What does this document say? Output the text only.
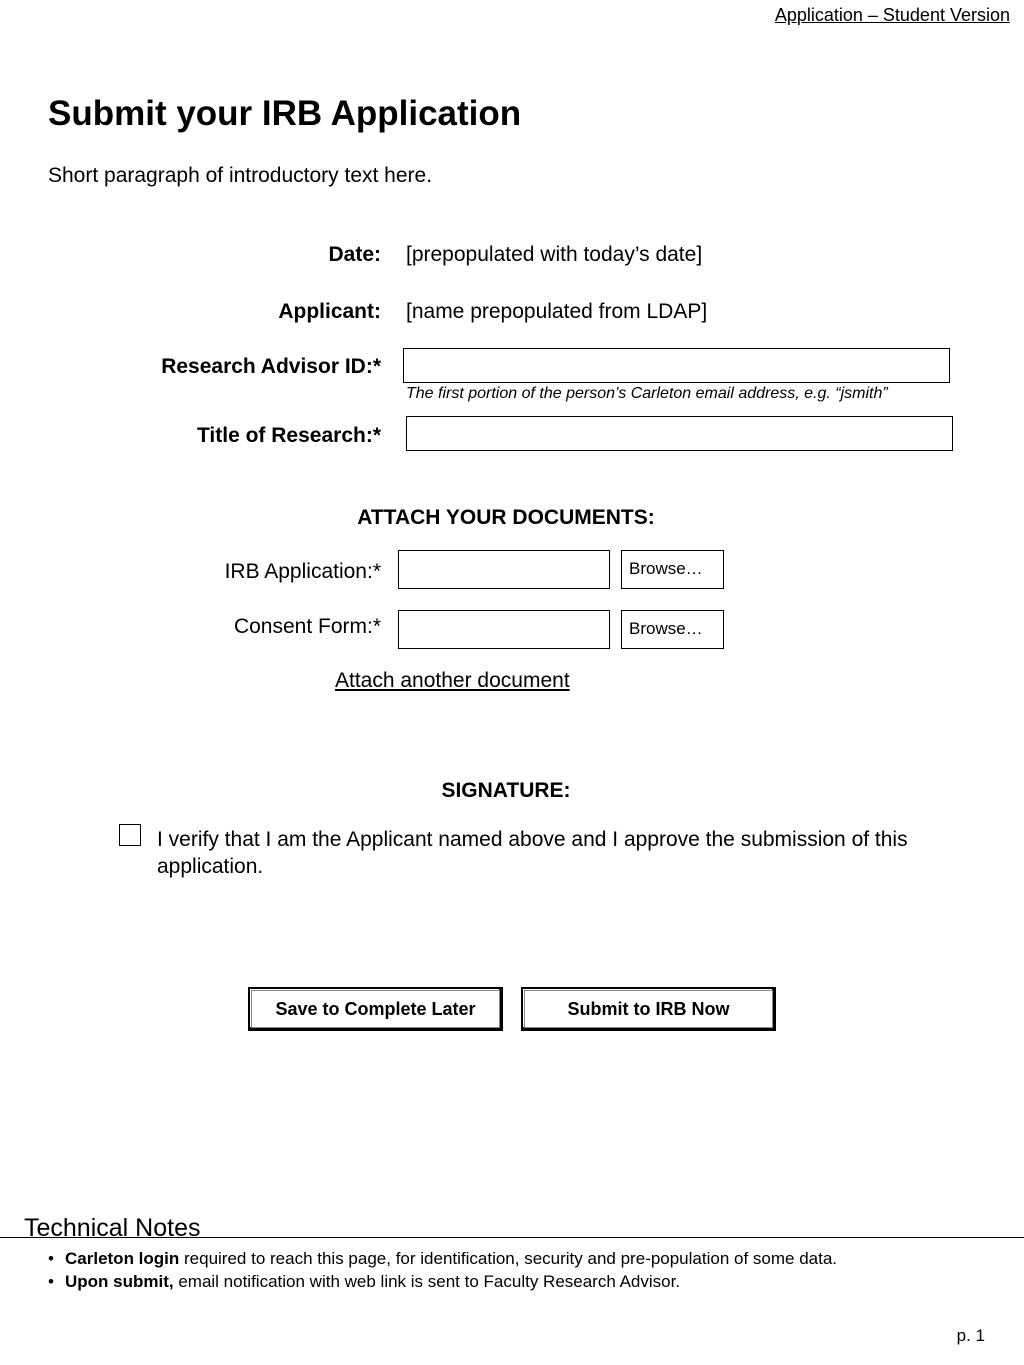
Application – Student Version
Submit your IRB Application
Short paragraph of introductory text here.
Date: [prepopulated with today’s date]
Applicant: [name prepopulated from LDAP]
Research Advisor ID:*
The first portion of the person’s Carleton email address, e.g. “jsmith”
Title of Research:*
ATTACH YOUR DOCUMENTS:
IRB Application:*	Browse…
Consent Form:*	Browse…
Attach another document
SIGNATURE:
I verify that I am the Applicant named above and I approve the submission of this application.
Save to Complete Later	Submit to IRB Now
Technical Notes
• Carleton login required to reach this page, for identification, security and pre-population of some data.
• Upon submit, email notification with web link is sent to Faculty Research Advisor.
p. 1
